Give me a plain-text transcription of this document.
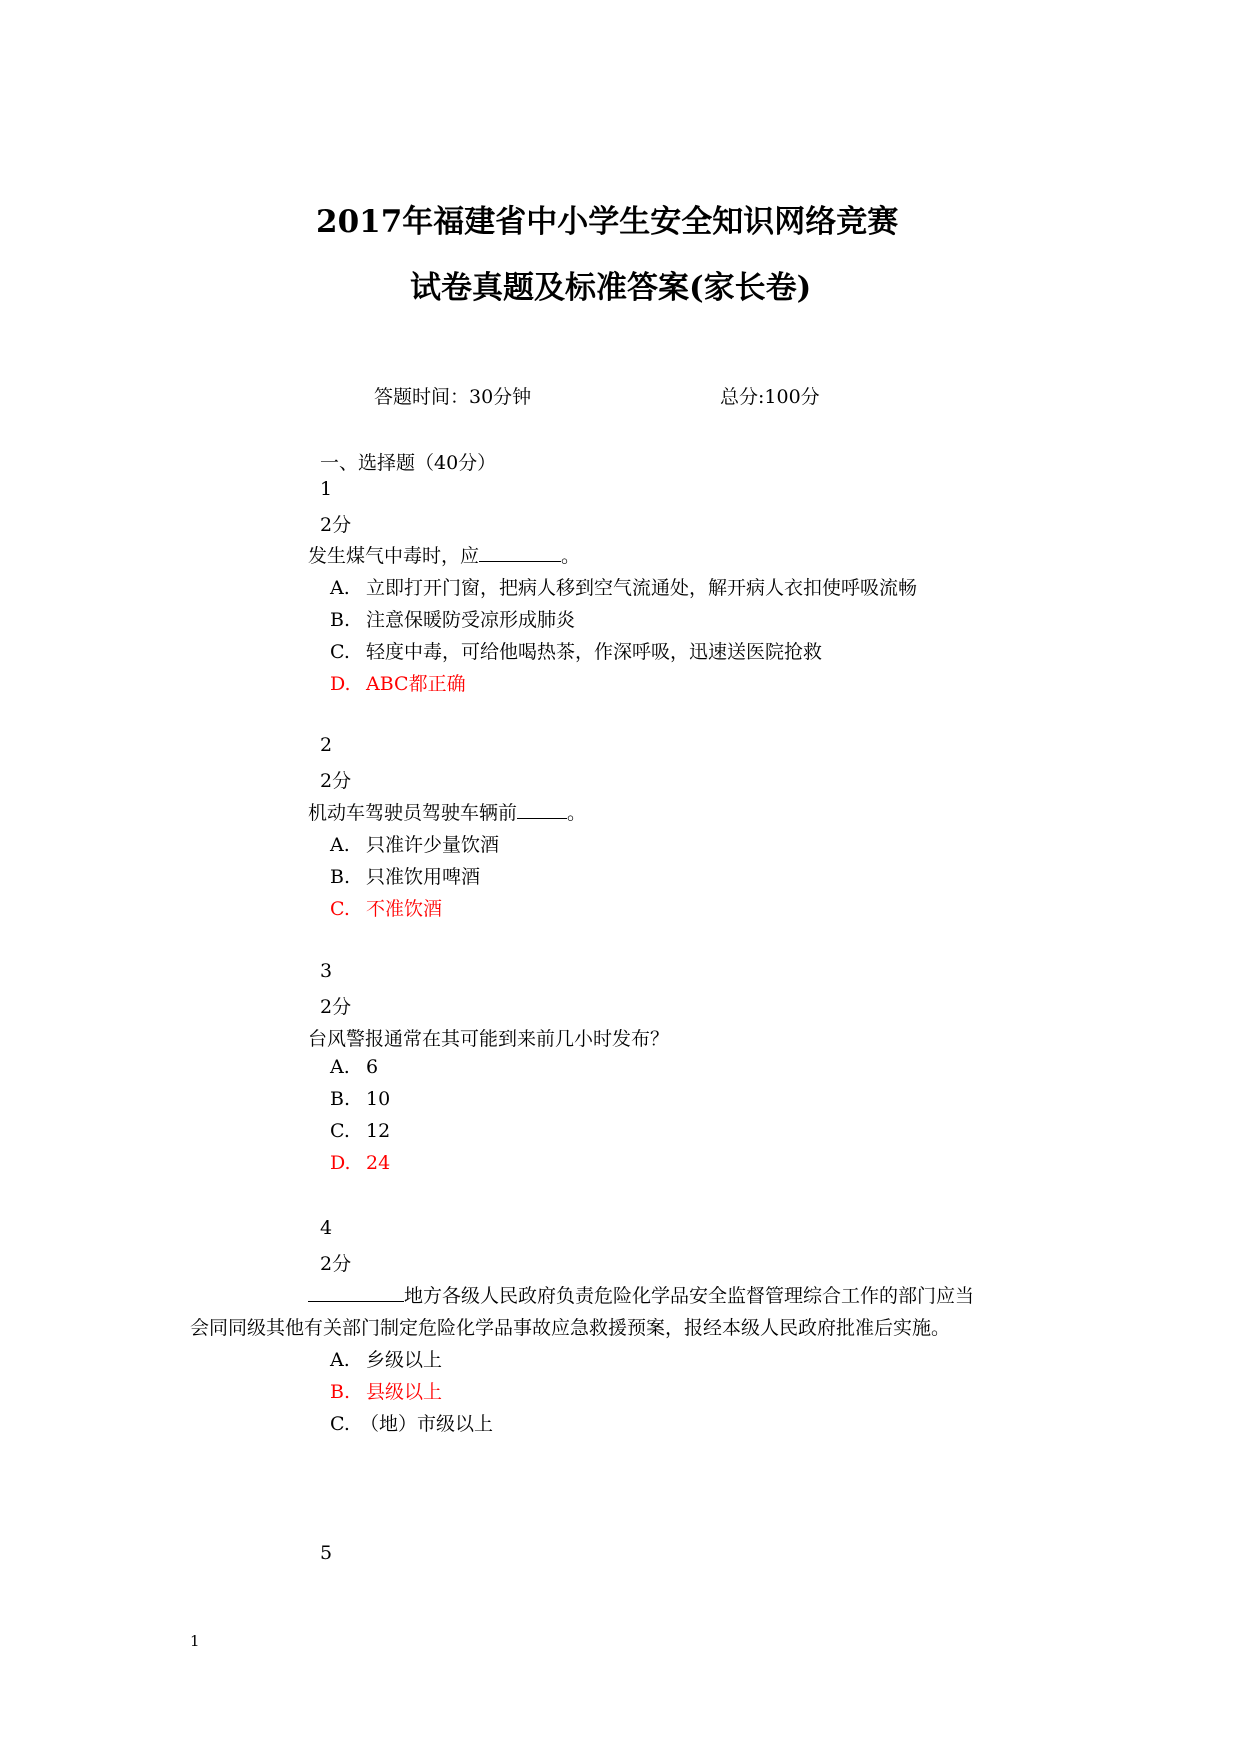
2017年福建省中小学生安全知识网络竞赛
试卷真题及标准答案(家长卷)
答题时间：30分钟	总分:100分
一、选择题（40分）
1
2分
发生煤气中毒时，应	。
A. 立即打开门窗，把病人移到空气流通处，解开病人衣扣使呼吸流畅
B. 注意保暖防受凉形成肺炎
C. 轻度中毒，可给他喝热茶，作深呼吸，迅速送医院抢救
D. ABC都正确
2
2分
机动车驾驶员驾驶车辆前	。
A. 只准许少量饮酒
B. 只准饮用啤酒
C. 不准饮酒
3
2分
台风警报通常在其可能到来前几小时发布？
A. 6
B. 10
C. 12
D. 24
4
2分
地方各级人民政府负责危险化学品安全监督管理综合工作的部门应当
会同同级其他有关部门制定危险化学品事故应急救援预案，报经本级人民政府批准后实施。
A. 乡级以上
B. 县级以上
C. （地）市级以上
5
1
